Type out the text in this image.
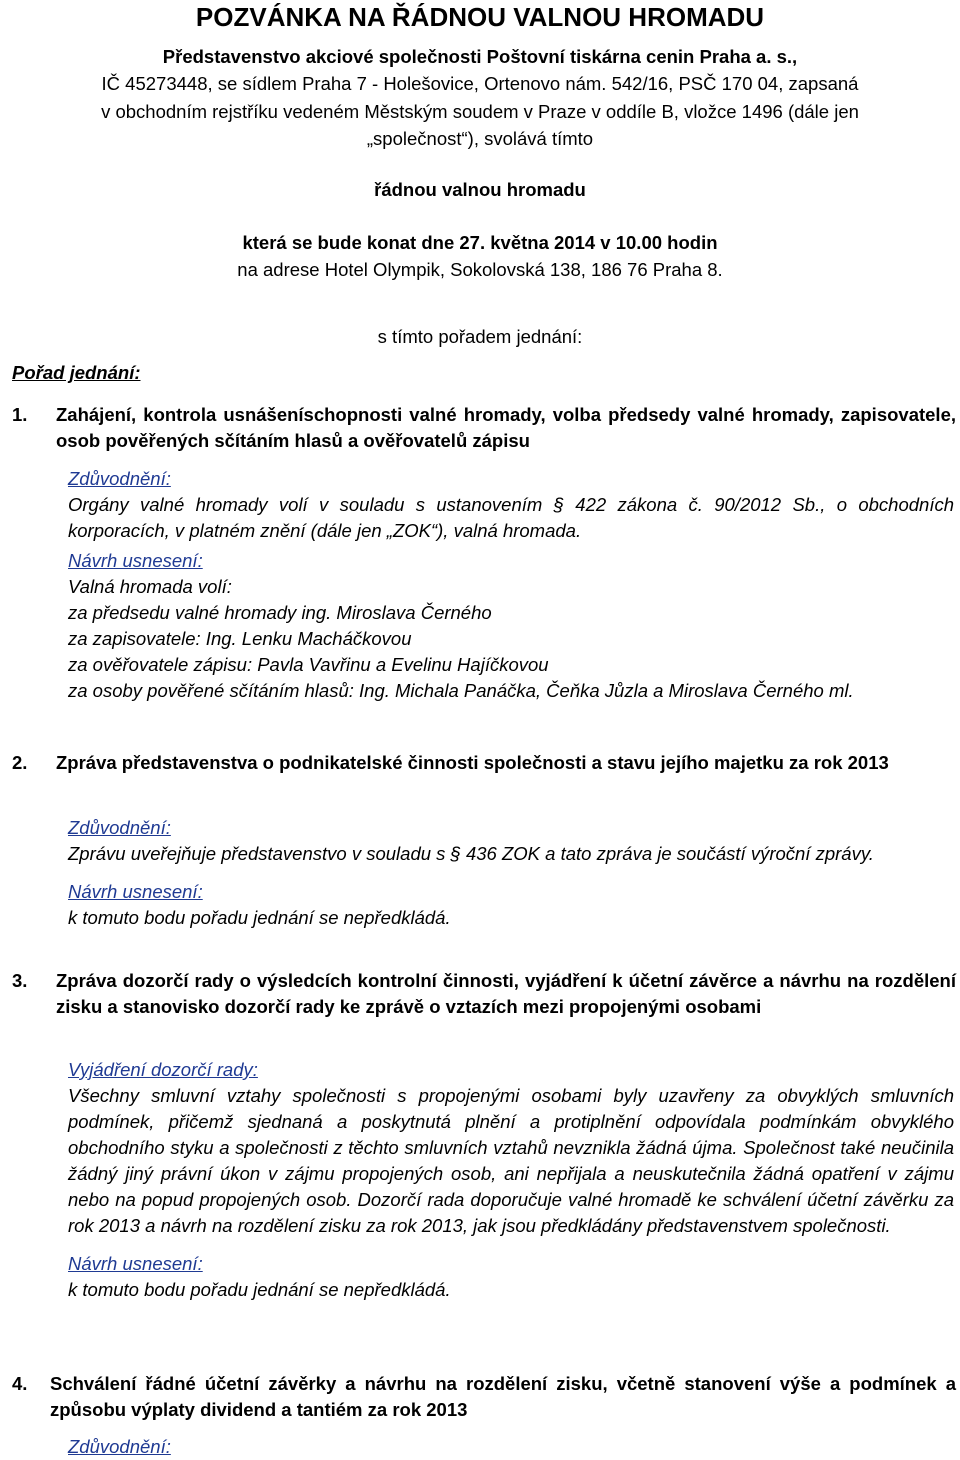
POZVÁNKA NA ŘÁDNOU VALNOU HROMADU
Představenstvo akciové společnosti Poštovní tiskárna cenin Praha a. s.,
IČ 45273448, se sídlem Praha 7 - Holešovice, Ortenovo nám. 542/16, PSČ 170 04, zapsaná
v obchodním rejstříku vedeném Městským soudem v Praze v oddíle B, vložce 1496 (dále jen
„společnost“), svolává tímto
řádnou valnou hromadu
která se bude konat dne 27. května 2014 v 10.00 hodin
na adrese Hotel Olympik, Sokolovská 138, 186 76 Praha 8.
s tímto pořadem jednání:
Pořad jednání:
1. Zahájení, kontrola usnášeníschopnosti valné hromady, volba předsedy valné hromady, zapisovatele, osob pověřených sčítáním hlasů a ověřovatelů zápisu
Zdůvodnění:
Orgány valné hromady volí v souladu s ustanovením § 422 zákona č. 90/2012 Sb., o obchodních korporacích, v platném znění (dále jen „ZOK“), valná hromada.
Návrh usnesení:
Valná hromada volí:
za předsedu valné hromady ing. Miroslava Černého
za zapisovatele: Ing. Lenku Macháčkovou
za ověřovatele zápisu: Pavla Vavřinu a Evelinu Hajíčkovou
za osoby pověřené sčítáním hlasů: Ing. Michala Panáčka, Čeňka Jůzla a Miroslava Černého ml.
2. Zpráva představenstva o podnikatelské činnosti společnosti a stavu jejího majetku za rok 2013
Zdůvodnění:
Zprávu uveřejňuje představenstvo v souladu s § 436 ZOK a tato zpráva je součástí výroční zprávy.
Návrh usnesení:
k tomuto bodu pořadu jednání se nepředkládá.
3. Zpráva dozorčí rady o výsledcích kontrolní činnosti, vyjádření k účetní závěrce a návrhu na rozdělení zisku a stanovisko dozorčí rady ke zprávě o vztazích mezi propojenými osobami
Vyjádření dozorčí rady:
Všechny smluvní vztahy společnosti s propojenými osobami byly uzavřeny za obvyklých smluvních podmínek, přičemž sjednaná a poskytnutá plnění a protiplnění odpovídala podmínkám obvyklého obchodního styku a společnosti z těchto smluvních vztahů nevznikla žádná újma. Společnost také neučinila žádný jiný právní úkon v zájmu propojených osob, ani nepřijala a neuskutečnila žádná opatření v zájmu nebo na popud propojených osob. Dozorčí rada doporučuje valné hromadě ke schválení účetní závěrku za rok 2013 a návrh na rozdělení zisku za rok 2013, jak jsou předkládány představenstvem společnosti.
Návrh usnesení:
k tomuto bodu pořadu jednání se nepředkládá.
4. Schválení řádné účetní závěrky a návrhu na rozdělení zisku, včetně stanovení výše a podmínek a způsobu výplaty dividend a tantiém za rok 2013
Zdůvodnění:
